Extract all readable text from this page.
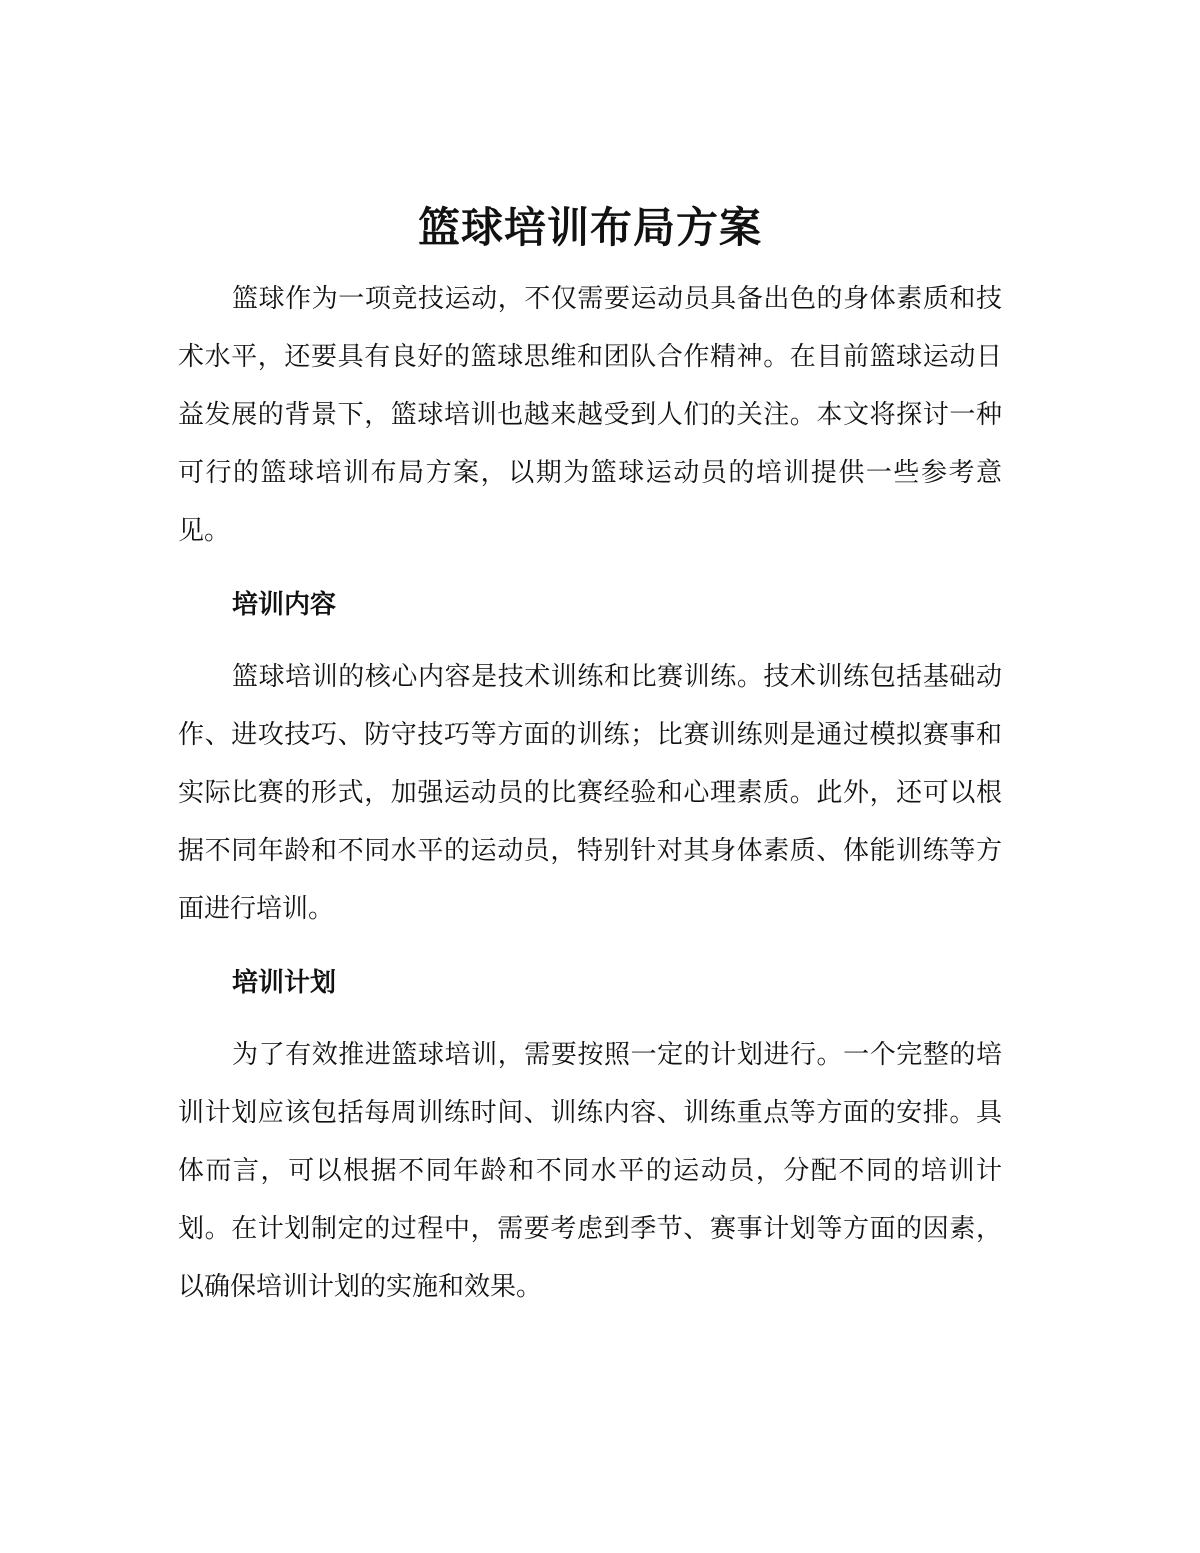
篮球培训布局方案

篮球作为一项竞技运动，不仅需要运动员具备出色的身体素质和技术水平，还要具有良好的篮球思维和团队合作精神。在目前篮球运动日益发展的背景下，篮球培训也越来越受到人们的关注。本文将探讨一种可行的篮球培训布局方案，以期为篮球运动员的培训提供一些参考意见。

培训内容

篮球培训的核心内容是技术训练和比赛训练。技术训练包括基础动作、进攻技巧、防守技巧等方面的训练；比赛训练则是通过模拟赛事和实际比赛的形式，加强运动员的比赛经验和心理素质。此外，还可以根据不同年龄和不同水平的运动员，特别针对其身体素质、体能训练等方面进行培训。

培训计划

为了有效推进篮球培训，需要按照一定的计划进行。一个完整的培训计划应该包括每周训练时间、训练内容、训练重点等方面的安排。具体而言，可以根据不同年龄和不同水平的运动员，分配不同的培训计划。在计划制定的过程中，需要考虑到季节、赛事计划等方面的因素，以确保培训计划的实施和效果。
